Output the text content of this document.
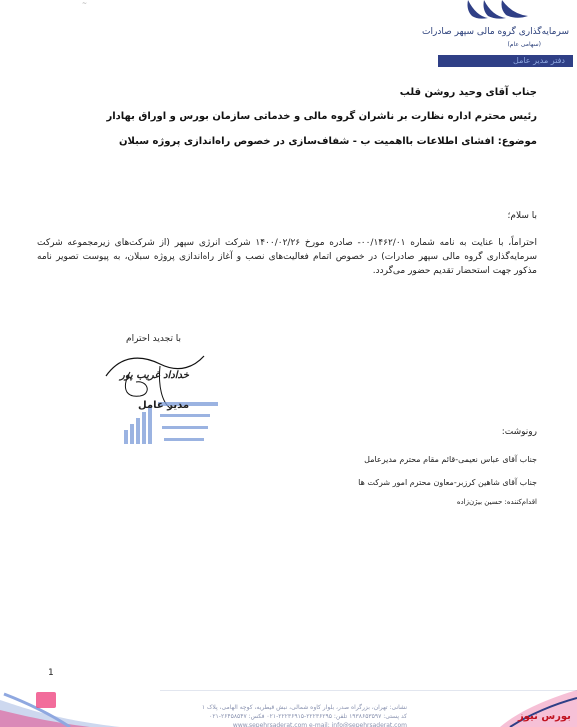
~
سرمایه‌گذاری گروه مالی سپهر صادرات
(سهامی عام)
دفتر مدیر عامل
جناب آقای وحید روشن قلب
رئیس محترم اداره نظارت بر ناشران گروه مالی و خدماتی سازمان بورس و اوراق بهادار
موضوع: افشای اطلاعات بااهمیت ب - شفاف‌سازی در خصوص راه‌اندازی پروژه سبلان
با سلام؛
احتراماً، با عنایت به نامه شماره ۰۰/۱۴۶۲/۰۱- صادره مورخ ۱۴۰۰/۰۲/۲۶ شرکت انرژی سپهر (از شرکت‌های زیرمجموعه شرکت سرمایه‌گذاری گروه مالی سپهر صادرات) در خصوص اتمام فعالیت‌های نصب و آغاز راه‌اندازی پروژه سبلان، به پیوست تصویر نامه مذکور جهت استحضار تقدیم حضور می‌گردد.
با تجدید احترام
خداداد غریب پور
مدیر عامل
رونوشت:
جناب آقای عباس نعیمی-قائم مقام محترم مدیرعامل
جناب آقای شاهین کرزبر-معاون محترم امور شرکت ها
اقدام‌کننده: حسین بیژن‌زاده
1
نشانی: تهران، بزرگراه صدر، بلوار کاوه شمالی، نبش قیطریه، کوچه الهامی، پلاک ۱
کد پستی: ۱۹۳۸۶۵۳۵۹۷ تلفن: ۲۲۲۳۶۲۹۵-۲۲۲۳۶۹۱۵-۰۲۱ فکس: ۲۶۴۵۸۵۴۷-۰۲۱
www.sepehrsaderat.com e-mail: info@sepehrsaderat.com
بورس نیوز
